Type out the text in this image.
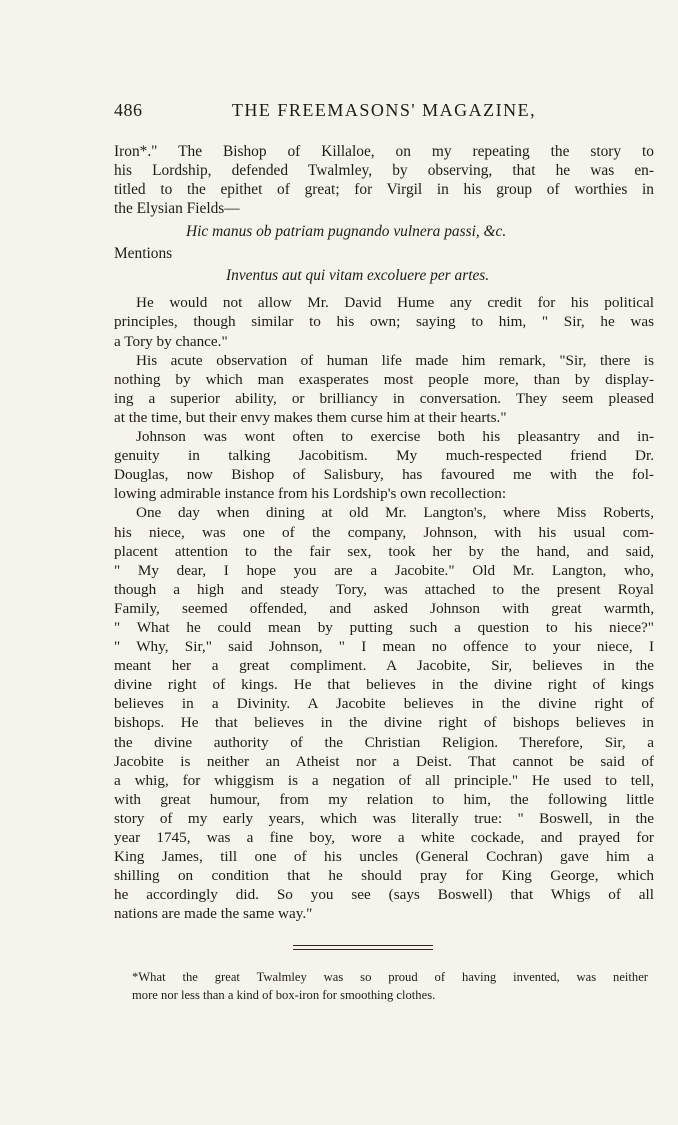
486	THE FREEMASONS' MAGAZINE,
Iron*." The Bishop of Killaloe, on my repeating the story to
his Lordship, defended Twalmley, by observing, that he was en-
titled to the epithet of great; for Virgil in his group of worthies in
the Elysian Fields—
Hic manus ob patriam pugnando vulnera passi, &c.
Mentions
Inventus aut qui vitam excoluere per artes.
He would not allow Mr. David Hume any credit for his political
principles, though similar to his own; saying to him, " Sir, he was
a Tory by chance."
His acute observation of human life made him remark, "Sir, there is
nothing by which man exasperates most people more, than by display-
ing a superior ability, or brilliancy in conversation. They seem pleased
at the time, but their envy makes them curse him at their hearts."
Johnson was wont often to exercise both his pleasantry and in-
genuity in talking Jacobitism. My much-respected friend Dr.
Douglas, now Bishop of Salisbury, has favoured me with the fol-
lowing admirable instance from his Lordship's own recollection:
One day when dining at old Mr. Langton's, where Miss Roberts,
his niece, was one of the company, Johnson, with his usual com-
placent attention to the fair sex, took her by the hand, and said,
" My dear, I hope you are a Jacobite." Old Mr. Langton, who,
though a high and steady Tory, was attached to the present Royal
Family, seemed offended, and asked Johnson with great warmth,
" What he could mean by putting such a question to his niece?"
" Why, Sir," said Johnson, " I mean no offence to your niece, I
meant her a great compliment. A Jacobite, Sir, believes in the
divine right of kings. He that believes in the divine right of kings
believes in a Divinity. A Jacobite believes in the divine right of
bishops. He that believes in the divine right of bishops believes in
the divine authority of the Christian Religion. Therefore, Sir, a
Jacobite is neither an Atheist nor a Deist. That cannot be said of
a whig, for whiggism is a negation of all principle." He used to tell,
with great humour, from my relation to him, the following little
story of my early years, which was literally true: " Boswell, in the
year 1745, was a fine boy, wore a white cockade, and prayed for
King James, till one of his uncles (General Cochran) gave him a
shilling on condition that he should pray for King George, which
he accordingly did. So you see (says Boswell) that Whigs of all
nations are made the same way."
*What the great Twalmley was so proud of having invented, was neither
more nor less than a kind of box-iron for smoothing clothes.
